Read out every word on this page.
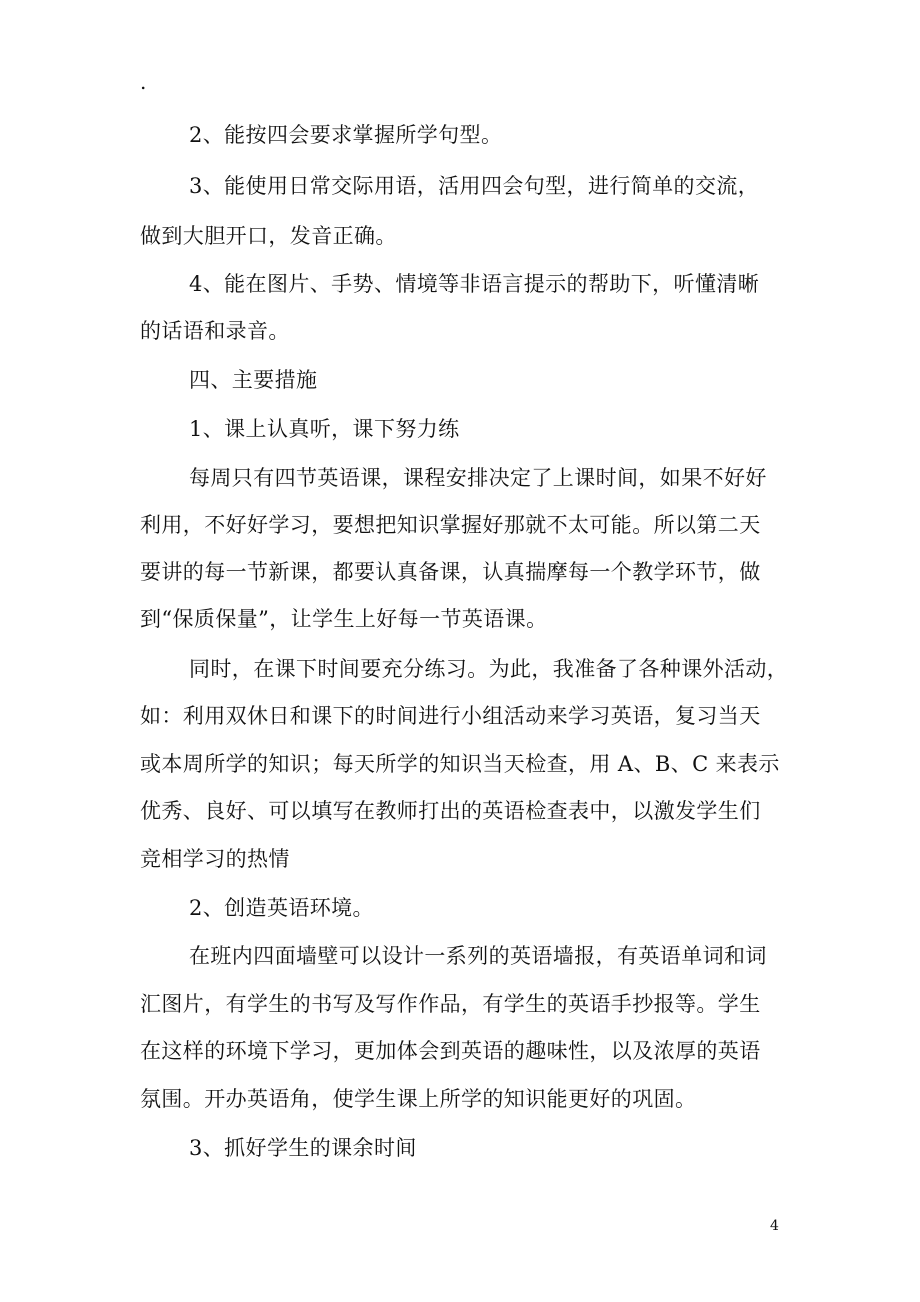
.
2、能按四会要求掌握所学句型。
3、能使用日常交际用语，活用四会句型，进行简单的交流，
做到大胆开口，发音正确。
4、能在图片、手势、情境等非语言提示的帮助下，听懂清晰
的话语和录音。
四、主要措施
1、课上认真听，课下努力练
每周只有四节英语课，课程安排决定了上课时间，如果不好好
利用，不好好学习，要想把知识掌握好那就不太可能。所以第二天
要讲的每一节新课，都要认真备课，认真揣摩每一个教学环节，做
到“保质保量”，让学生上好每一节英语课。
同时，在课下时间要充分练习。为此，我准备了各种课外活动，
如：利用双休日和课下的时间进行小组活动来学习英语，复习当天
或本周所学的知识；每天所学的知识当天检查，用 A、B、C 来表示
优秀、良好、可以填写在教师打出的英语检查表中，以激发学生们
竞相学习的热情
2、创造英语环境。
在班内四面墙壁可以设计一系列的英语墙报，有英语单词和词
汇图片，有学生的书写及写作作品，有学生的英语手抄报等。学生
在这样的环境下学习，更加体会到英语的趣味性，以及浓厚的英语
氛围。开办英语角，使学生课上所学的知识能更好的巩固。
3、抓好学生的课余时间
4
